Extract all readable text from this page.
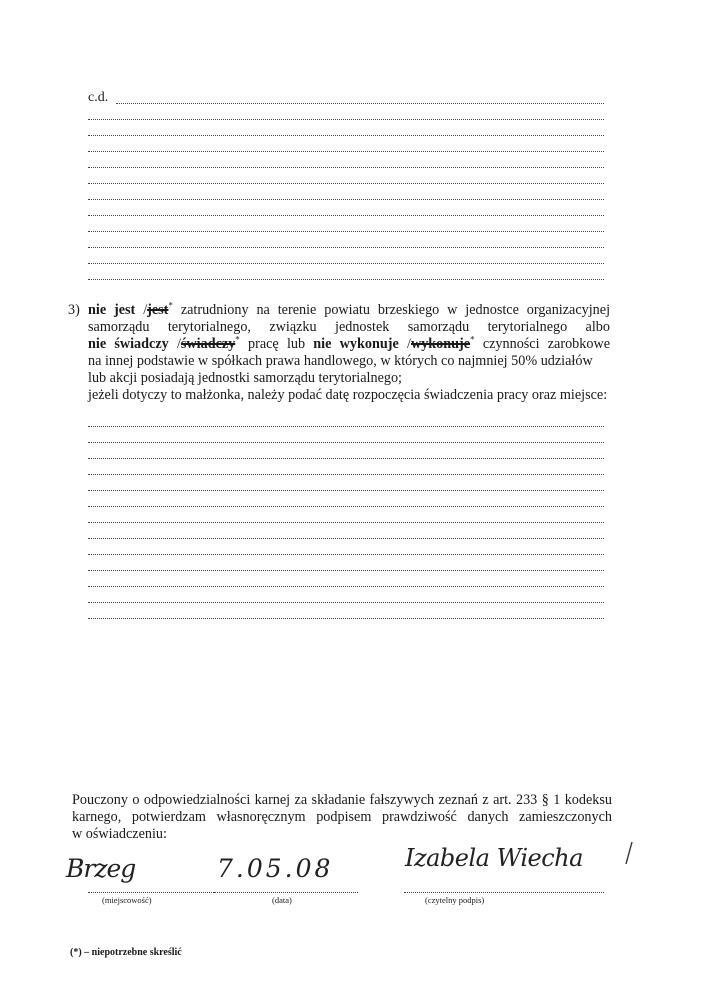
c.d.
3) nie jest /jest* zatrudniony na terenie powiatu brzeskiego w jednostce organizacyjnej
samorządu terytorialnego, związku jednostek samorządu terytorialnego albo
nie świadczy /świadczy* pracę lub nie wykonuje /wykonuje* czynności zarobkowe
na innej podstawie w spółkach prawa handlowego, w których co najmniej 50% udziałów
lub akcji posiadają jednostki samorządu terytorialnego;
jeżeli dotyczy to małżonka, należy podać datę rozpoczęcia świadczenia pracy oraz miejsce:
Pouczony o odpowiedzialności karnej za składanie fałszywych zeznań z art. 233 § 1 kodeksu
karnego, potwierdzam własnoręcznym podpisem prawdziwość danych zamieszczonych
w oświadczeniu:
Brzeg
(miejscowość)
7.05.08
(data)
Izabela Wiecha
(czytelny podpis)
(*) – niepotrzebne skreślić
